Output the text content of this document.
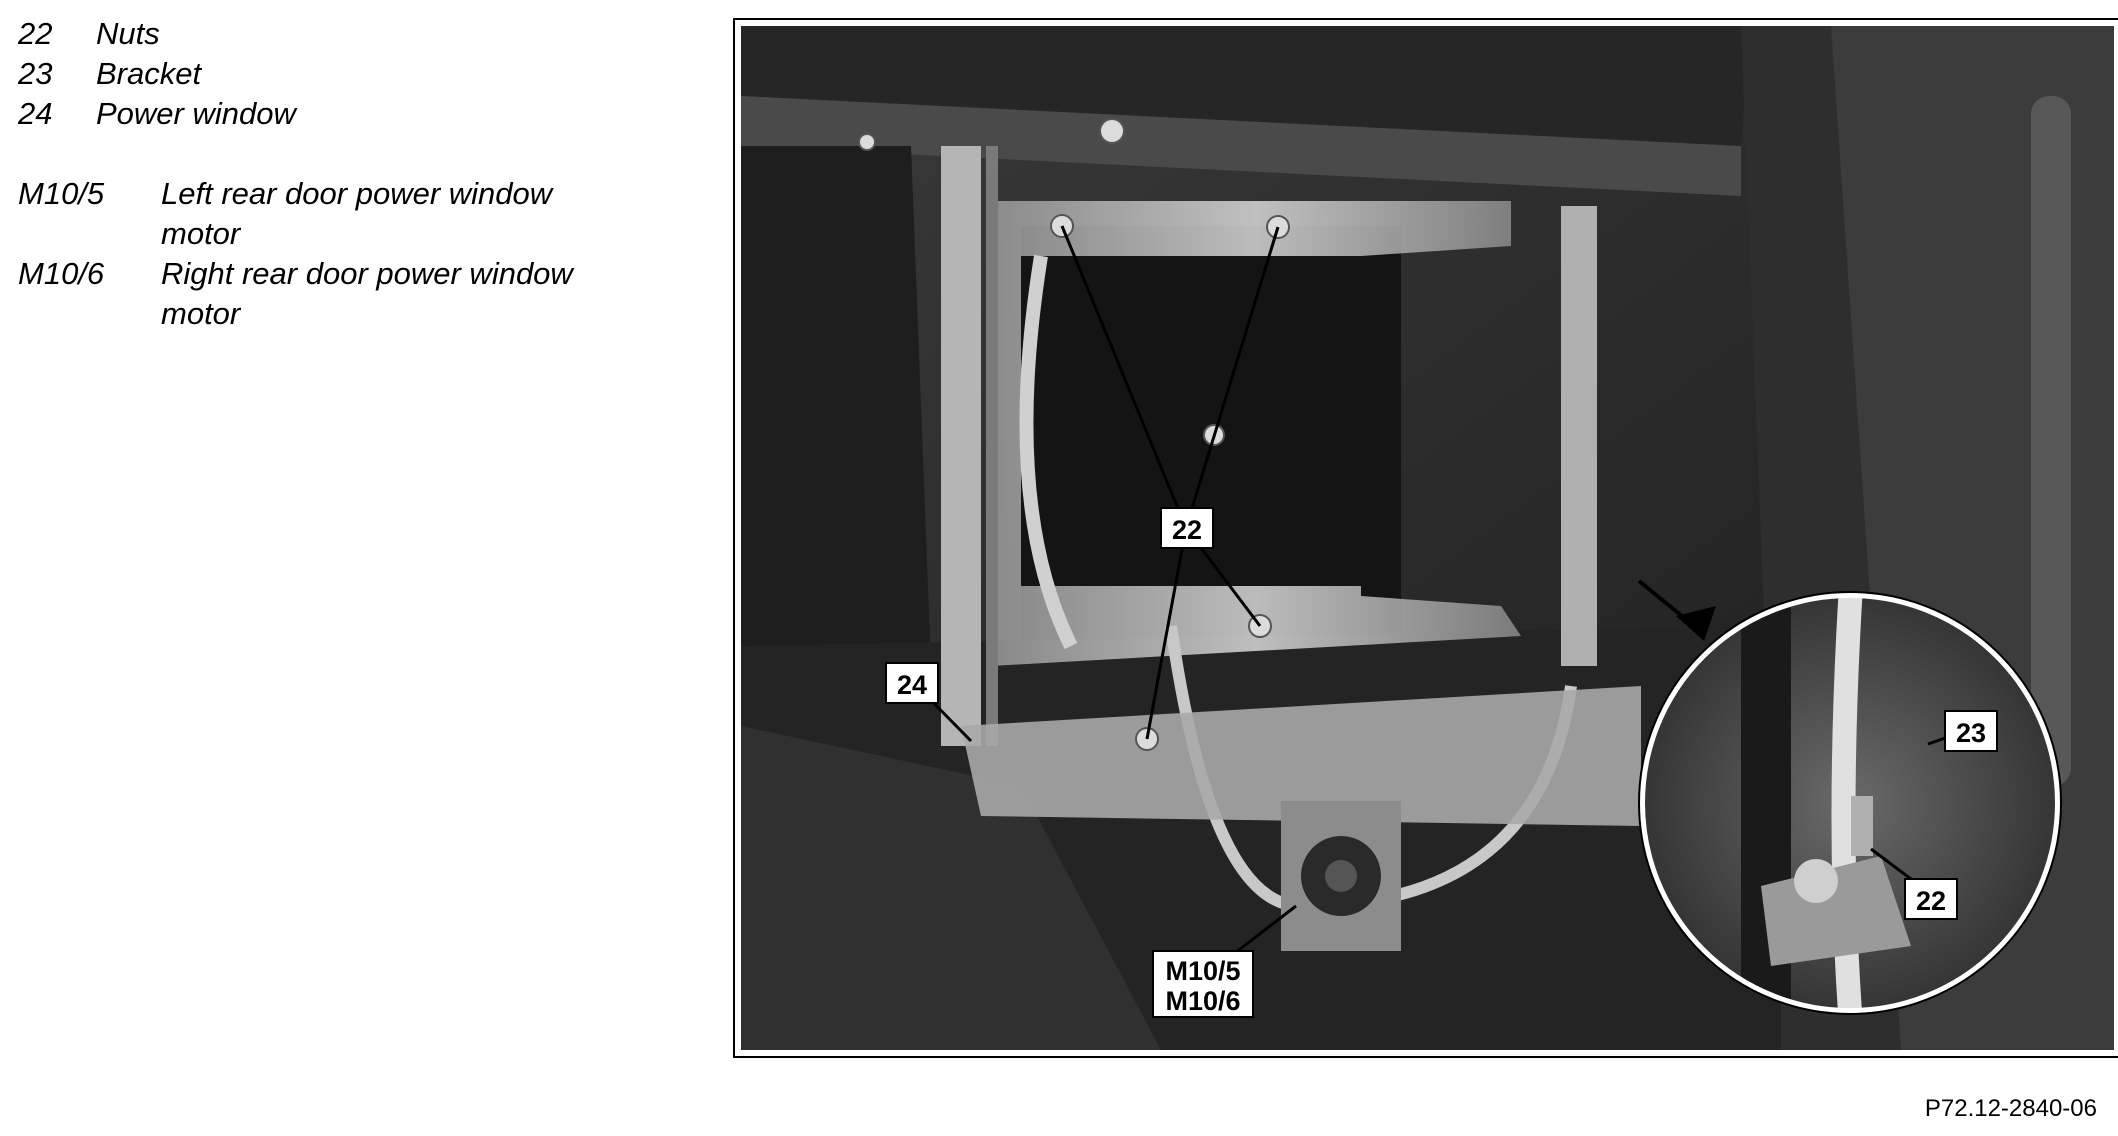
22	Nuts
23	Bracket
24	Power window
M10/5	Left rear door power window
motor
M10/6	Right rear door power window
motor
22
24
M10/5
M10/6
23
22
P72.12-2840-06
